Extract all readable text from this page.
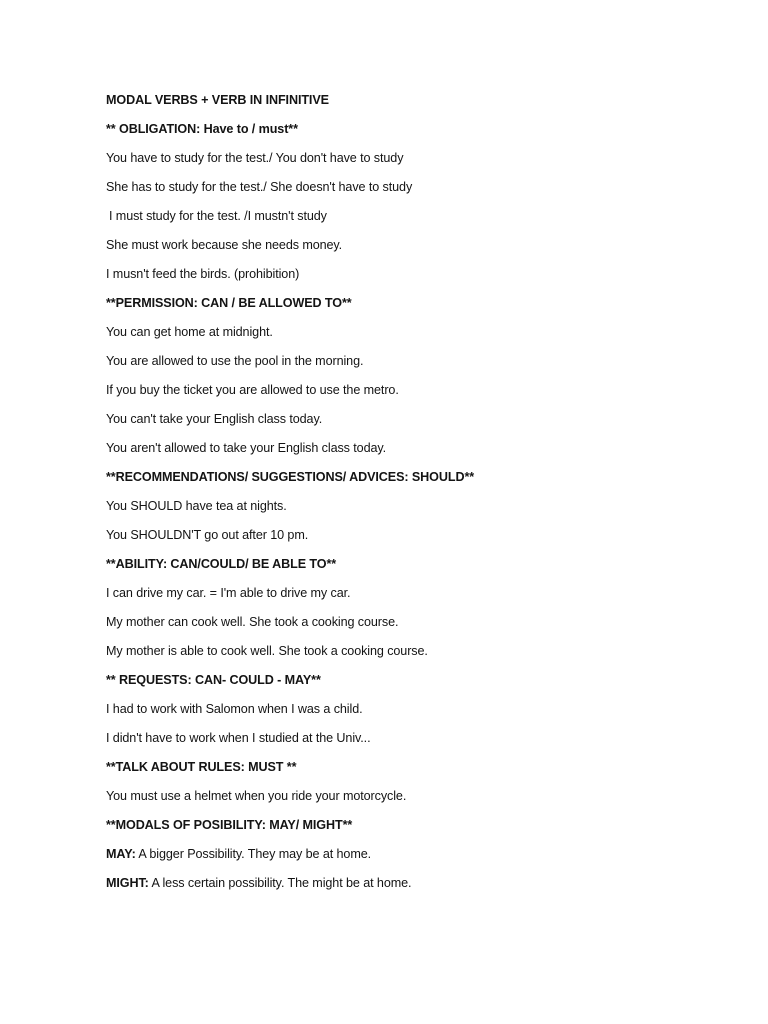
MODAL VERBS + VERB IN INFINITIVE
** OBLIGATION: Have to / must**
You have to study for the test./ You don't have to study
She has to study for the test./ She doesn't have to study
I must study for the test. /I mustn't study
She must work because she needs money.
I musn't feed the birds. (prohibition)
**PERMISSION: CAN / BE ALLOWED TO**
You can get home at midnight.
You are allowed to use the pool in the morning.
If you buy the ticket you are allowed to use the metro.
You can't take your English class today.
You aren't allowed to take your English class today.
**RECOMMENDATIONS/ SUGGESTIONS/ ADVICES: SHOULD**
You SHOULD have tea at nights.
You SHOULDN'T go out after 10 pm.
**ABILITY: CAN/COULD/ BE ABLE TO**
I can drive my car. = I'm able to drive my car.
My mother can cook well. She took a cooking course.
My mother is able to cook well. She took a cooking course.
** REQUESTS: CAN- COULD - MAY**
I had to work with Salomon when I was a child.
I didn't have to work when I studied at the Univ...
**TALK ABOUT RULES: MUST **
You must use a helmet when you ride your motorcycle.
**MODALS OF POSIBILITY: MAY/ MIGHT**
MAY: A bigger Possibility. They may be at home.
MIGHT: A less certain possibility. The might be at home.
